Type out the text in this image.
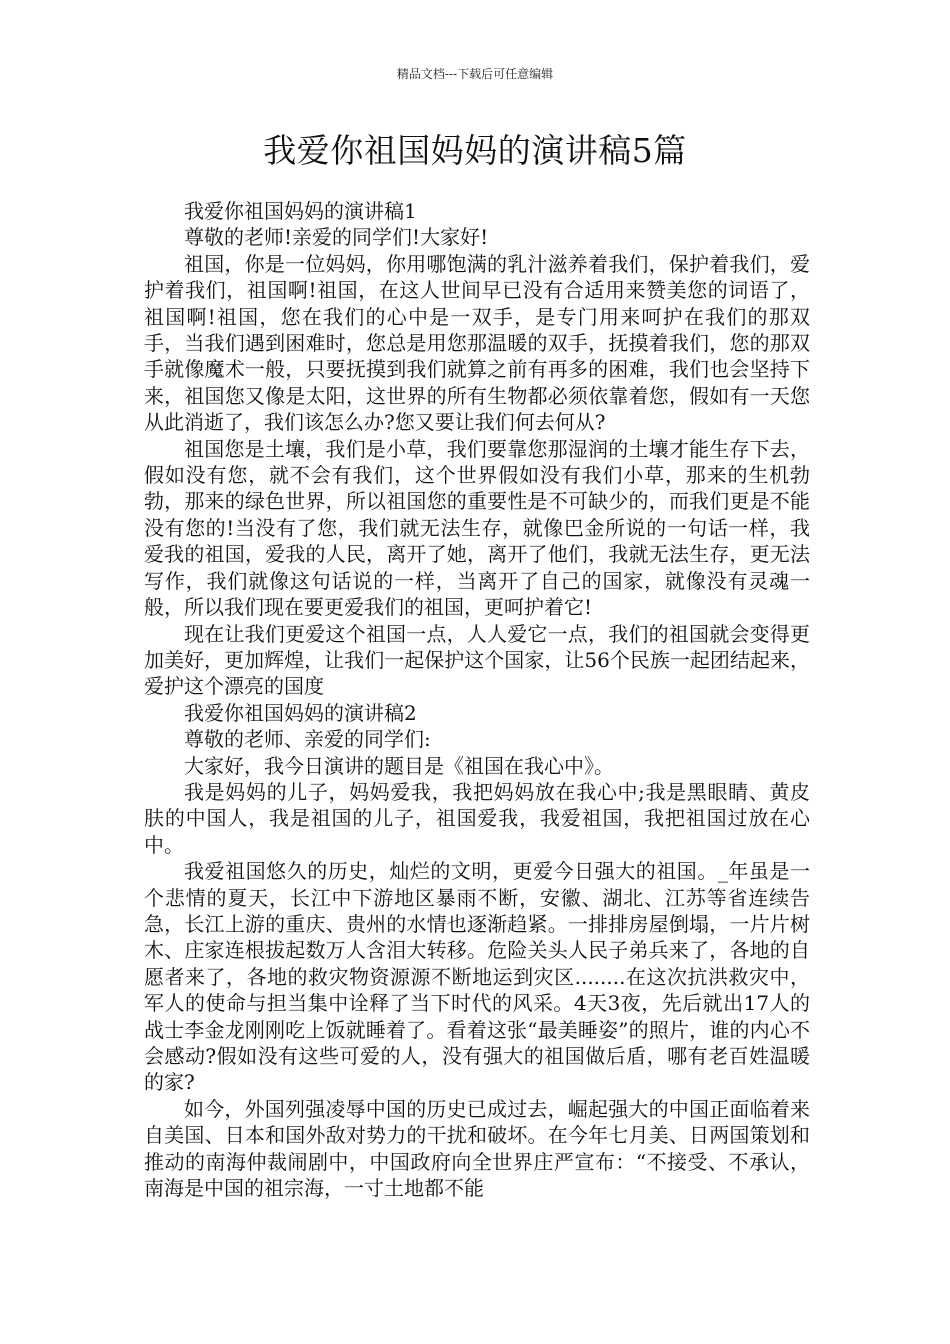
精品文档---下载后可任意编辑
我爱你祖国妈妈的演讲稿5篇

我爱你祖国妈妈的演讲稿1

尊敬的老师!亲爱的同学们!大家好!

祖国，你是一位妈妈，你用哪饱满的乳汁滋养着我们，保护着我们，爱护着我们，祖国啊!祖国，在这人世间早已没有合适用来赞美您的词语了，祖国啊!祖国，您在我们的心中是一双手，是专门用来呵护在我们的那双手，当我们遇到困难时，您总是用您那温暖的双手，抚摸着我们，您的那双手就像魔术一般，只要抚摸到我们就算之前有再多的困难，我们也会坚持下来，祖国您又像是太阳，这世界的所有生物都必须依靠着您，假如有一天您从此消逝了，我们该怎么办?您又要让我们何去何从?

祖国您是土壤，我们是小草，我们要靠您那湿润的土壤才能生存下去，假如没有您，就不会有我们，这个世界假如没有我们小草，那来的生机勃勃，那来的绿色世界，所以祖国您的重要性是不可缺少的，而我们更是不能没有您的!当没有了您，我们就无法生存，就像巴金所说的一句话一样，我爱我的祖国，爱我的人民，离开了她，离开了他们，我就无法生存，更无法写作，我们就像这句话说的一样，当离开了自己的国家，就像没有灵魂一般，所以我们现在要更爱我们的祖国，更呵护着它!

现在让我们更爱这个祖国一点，人人爱它一点，我们的祖国就会变得更加美好，更加辉煌，让我们一起保护这个国家，让56个民族一起团结起来，爱护这个漂亮的国度

我爱你祖国妈妈的演讲稿2

尊敬的老师、亲爱的同学们:

大家好，我今日演讲的题目是《祖国在我心中》。

我是妈妈的儿子，妈妈爱我，我把妈妈放在我心中;我是黑眼睛、黄皮肤的中国人，我是祖国的儿子，祖国爱我，我爱祖国，我把祖国过放在心中。

我爱祖国悠久的历史，灿烂的文明，更爱今日强大的祖国。_年虽是一个悲情的夏天，长江中下游地区暴雨不断，安徽、湖北、江苏等省连续告急，长江上游的重庆、贵州的水情也逐渐趋紧。一排排房屋倒塌，一片片树木、庄家连根拔起数万人含泪大转移。危险关头人民子弟兵来了，各地的自愿者来了，各地的救灾物资源源不断地运到灾区........在这次抗洪救灾中，军人的使命与担当集中诠释了当下时代的风采。4天3夜，先后就出17人的战士李金龙刚刚吃上饭就睡着了。看着这张“最美睡姿”的照片，谁的内心不会感动?假如没有这些可爱的人，没有强大的祖国做后盾，哪有老百姓温暖的家?

如今，外国列强凌辱中国的历史已成过去，崛起强大的中国正面临着来自美国、日本和国外敌对势力的干扰和破坏。在今年七月美、日两国策划和推动的南海仲裁闹剧中，中国政府向全世界庄严宣布：“不接受、不承认，南海是中国的祖宗海，一寸土地都不能
